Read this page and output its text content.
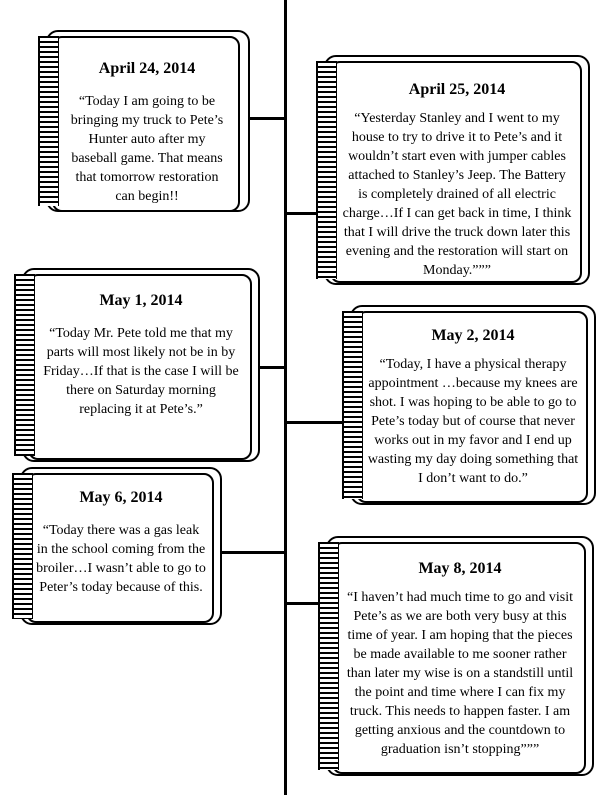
April 24, 2014

“Today I am going to be bringing my truck to Pete’s Hunter auto after my baseball game. That means that tomorrow restoration can begin!!

April 25, 2014

“Yesterday Stanley and I went to my house to try to drive it to Pete’s and it wouldn’t start even with jumper cables attached to Stanley’s Jeep. The Battery is completely drained of all electric charge…If I can get back in time, I think that I will drive the truck down later this evening and the restoration will start on Monday.”””

May 1, 2014

“Today Mr. Pete told me that my parts will most likely not be in by Friday…If that is the case I will be there on Saturday morning replacing it at Pete’s.”

May 2, 2014

“Today, I have a physical therapy appointment …because my knees are shot. I was hoping to be able to go to Pete’s today but of course that never works out in my favor and I end up wasting my day doing something that I don’t want to do.”

May 6, 2014

“Today there was a gas leak in the school coming from the broiler…I wasn’t able to go to Peter’s today because of this.

May 8, 2014

“I haven’t had much time to go and visit Pete’s as we are both very busy at this time of year. I am hoping that the pieces be made available to me sooner rather than later my wise is on a standstill until the point and time where I can fix my truck. This needs to happen faster. I am getting anxious and the countdown to graduation isn’t stopping”””
